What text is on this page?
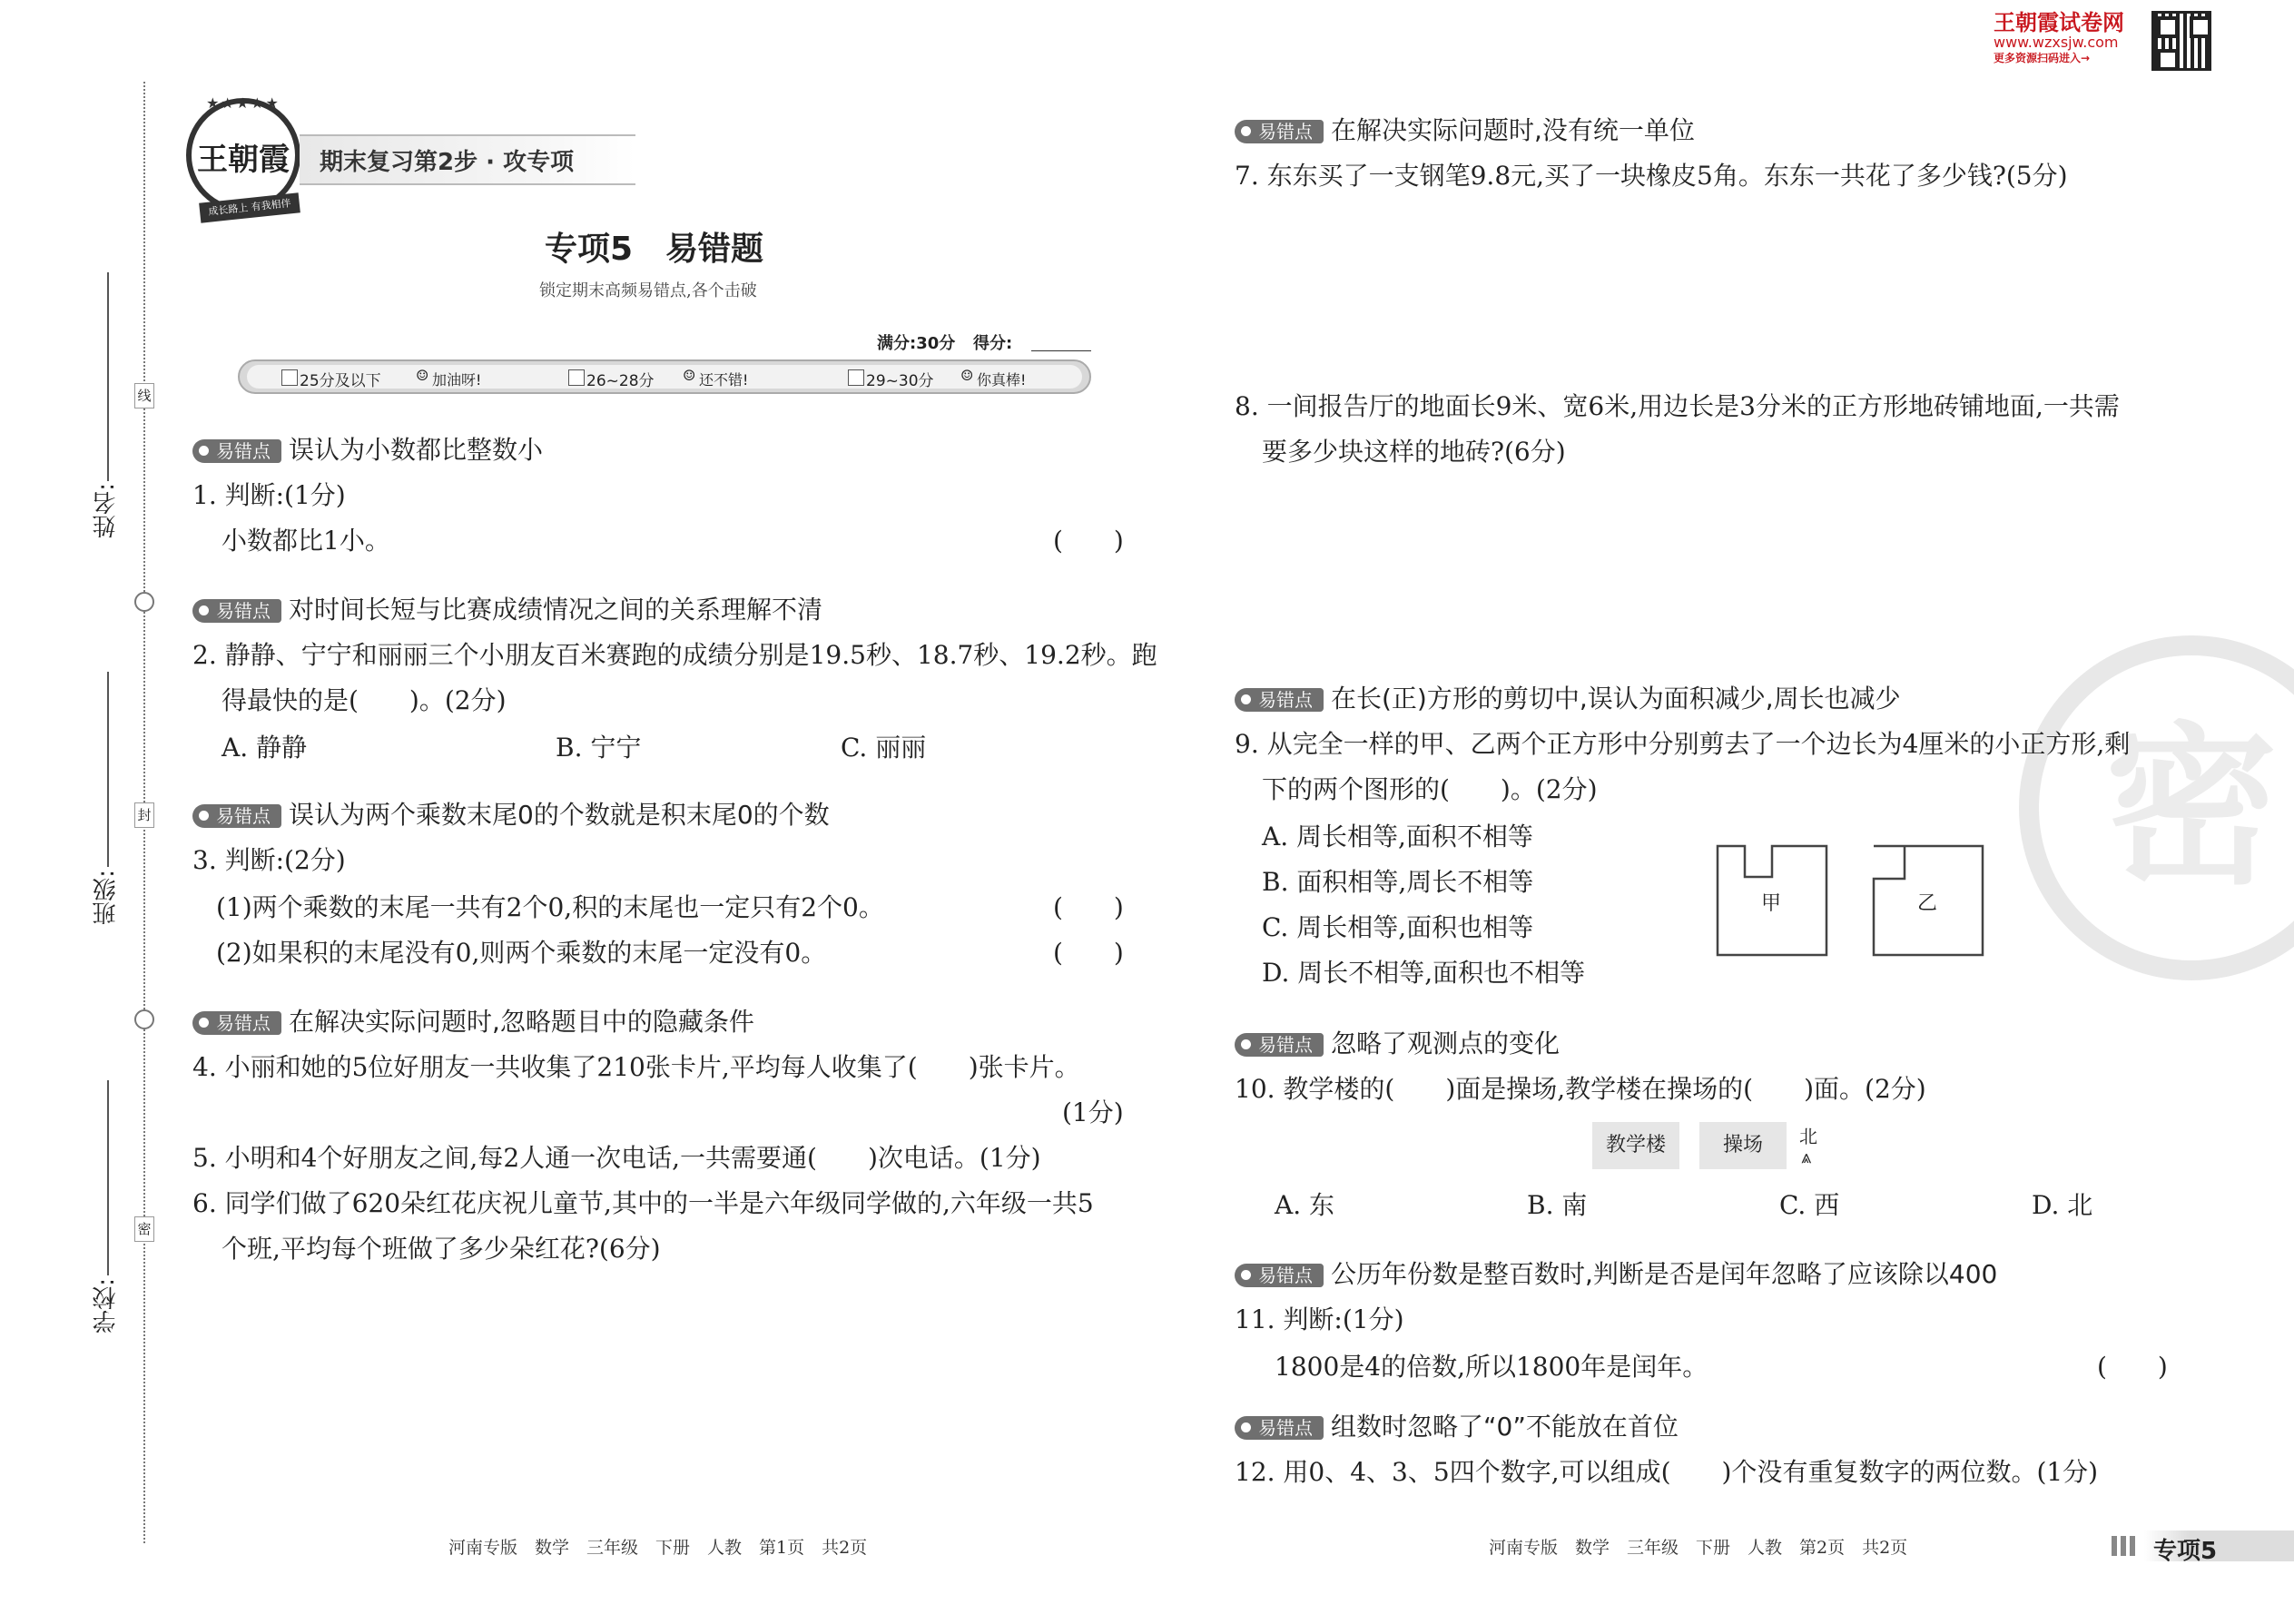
线
封
密
姓名:
班级:
学校:
王朝霞
★★★★★
成长路上 有我相伴
期末复习第2步 · 攻专项
专项5　易错题
锁定期末高频易错点,各个击破
满分:30分 得分:
25分及以下 ☺ 加油呀!	26~28分 ☺ 还不错!	29~30分 ☺ 你真棒!
易错点 误认为小数都比整数小
1. 判断:(1分)
小数都比1小。	(　　)
易错点 对时间长短与比赛成绩情况之间的关系理解不清
2. 静静、宁宁和丽丽三个小朋友百米赛跑的成绩分别是19.5秒、18.7秒、19.2秒。跑
得最快的是(　　)。(2分)
A. 静静	B. 宁宁	C. 丽丽
易错点 误认为两个乘数末尾0的个数就是积末尾0的个数
3. 判断:(2分)
(1)两个乘数的末尾一共有2个0,积的末尾也一定只有2个0。	(　　)
(2)如果积的末尾没有0,则两个乘数的末尾一定没有0。	(　　)
易错点 在解决实际问题时,忽略题目中的隐藏条件
4. 小丽和她的5位好朋友一共收集了210张卡片,平均每人收集了(　　)张卡片。
(1分)
5. 小明和4个好朋友之间,每2人通一次电话,一共需要通(　　)次电话。(1分)
6. 同学们做了620朵红花庆祝儿童节,其中的一半是六年级同学做的,六年级一共5
个班,平均每个班做了多少朵红花?(6分)
河南专版　数学　三年级　下册　人教　第1页　共2页
王朝霞试卷网
www.wzxsjw.com
更多资源扫码进入→
密
易错点 在解决实际问题时,没有统一单位
7. 东东买了一支钢笔9.8元,买了一块橡皮5角。东东一共花了多少钱?(5分)
8. 一间报告厅的地面长9米、宽6米,用边长是3分米的正方形地砖铺地面,一共需
要多少块这样的地砖?(6分)
易错点 在长(正)方形的剪切中,误认为面积减少,周长也减少
9. 从完全一样的甲、乙两个正方形中分别剪去了一个边长为4厘米的小正方形,剩
下的两个图形的(　　)。(2分)
A. 周长相等,面积不相等
B. 面积相等,周长不相等
C. 周长相等,面积也相等
D. 周长不相等,面积也不相等
甲	乙
易错点 忽略了观测点的变化
10. 教学楼的(　　)面是操场,教学楼在操场的(　　)面。(2分)
教学楼	操场	北
⩓
A. 东	B. 南	C. 西	D. 北
易错点 公历年份数是整百数时,判断是否是闰年忽略了应该除以400
11. 判断:(1分)
1800是4的倍数,所以1800年是闰年。	(　　)
易错点 组数时忽略了“0”不能放在首位
12. 用0、4、3、5四个数字,可以组成(　　)个没有重复数字的两位数。(1分)
河南专版　数学　三年级　下册　人教　第2页　共2页	专项5
